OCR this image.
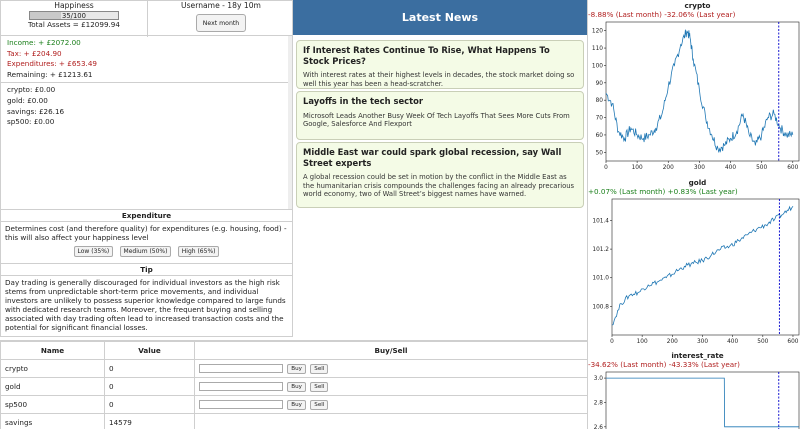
Happiness
35/100
Total Assets = £12099.94
Username - 18y 10m
Next month
Income: + £2072.00
Tax: + £204.90
Expenditures: + £653.49
Remaining: + £1213.61
crypto: £0.00
gold: £0.00
savings: £26.16
sp500: £0.00
Expenditure
Determines cost (and therefore quality) for expenditures (e.g. housing, food) - this will also affect your happiness level
Low (35%) Medium (50%) High (65%)
Tip
Day trading is generally discouraged for individual investors as the high risk stems from unpredictable short-term price movements, and individual investors are unlikely to possess superior knowledge compared to large funds with dedicated research teams. Moreover, the frequent buying and selling associated with day trading often lead to increased transaction costs and the potential for significant financial losses.
Latest News
If Interest Rates Continue To Rise, What Happens To Stock Prices?
With interest rates at their highest levels in decades, the stock market doing so well this year has been a head-scratcher.
Layoffs in the tech sector
Microsoft Leads Another Busy Week Of Tech Layoffs That Sees More Cuts From Google, Salesforce And Flexport
Middle East war could spark global recession, say Wall Street experts
A global recession could be set in motion by the conflict in the Middle East as the humanitarian crisis compounds the challenges facing an already precarious world economy, two of Wall Street’s biggest names have warned.
Name	Value	Buy/Sell
crypto	0	Buy Sell
gold	0	Buy Sell
sp500	0	Buy Sell
savings	14579	
crypto
-8.88% (Last month) -32.06% (Last year)
50
60
70
80
90
100
110
120
0	100	200	300	400	500	600
gold
+0.07% (Last month) +0.83% (Last year)
100.8
101.0
101.2
101.4
0	100	200	300	400	500	600
interest_rate
-34.62% (Last month) -43.33% (Last year)
2.6
2.8
3.0
